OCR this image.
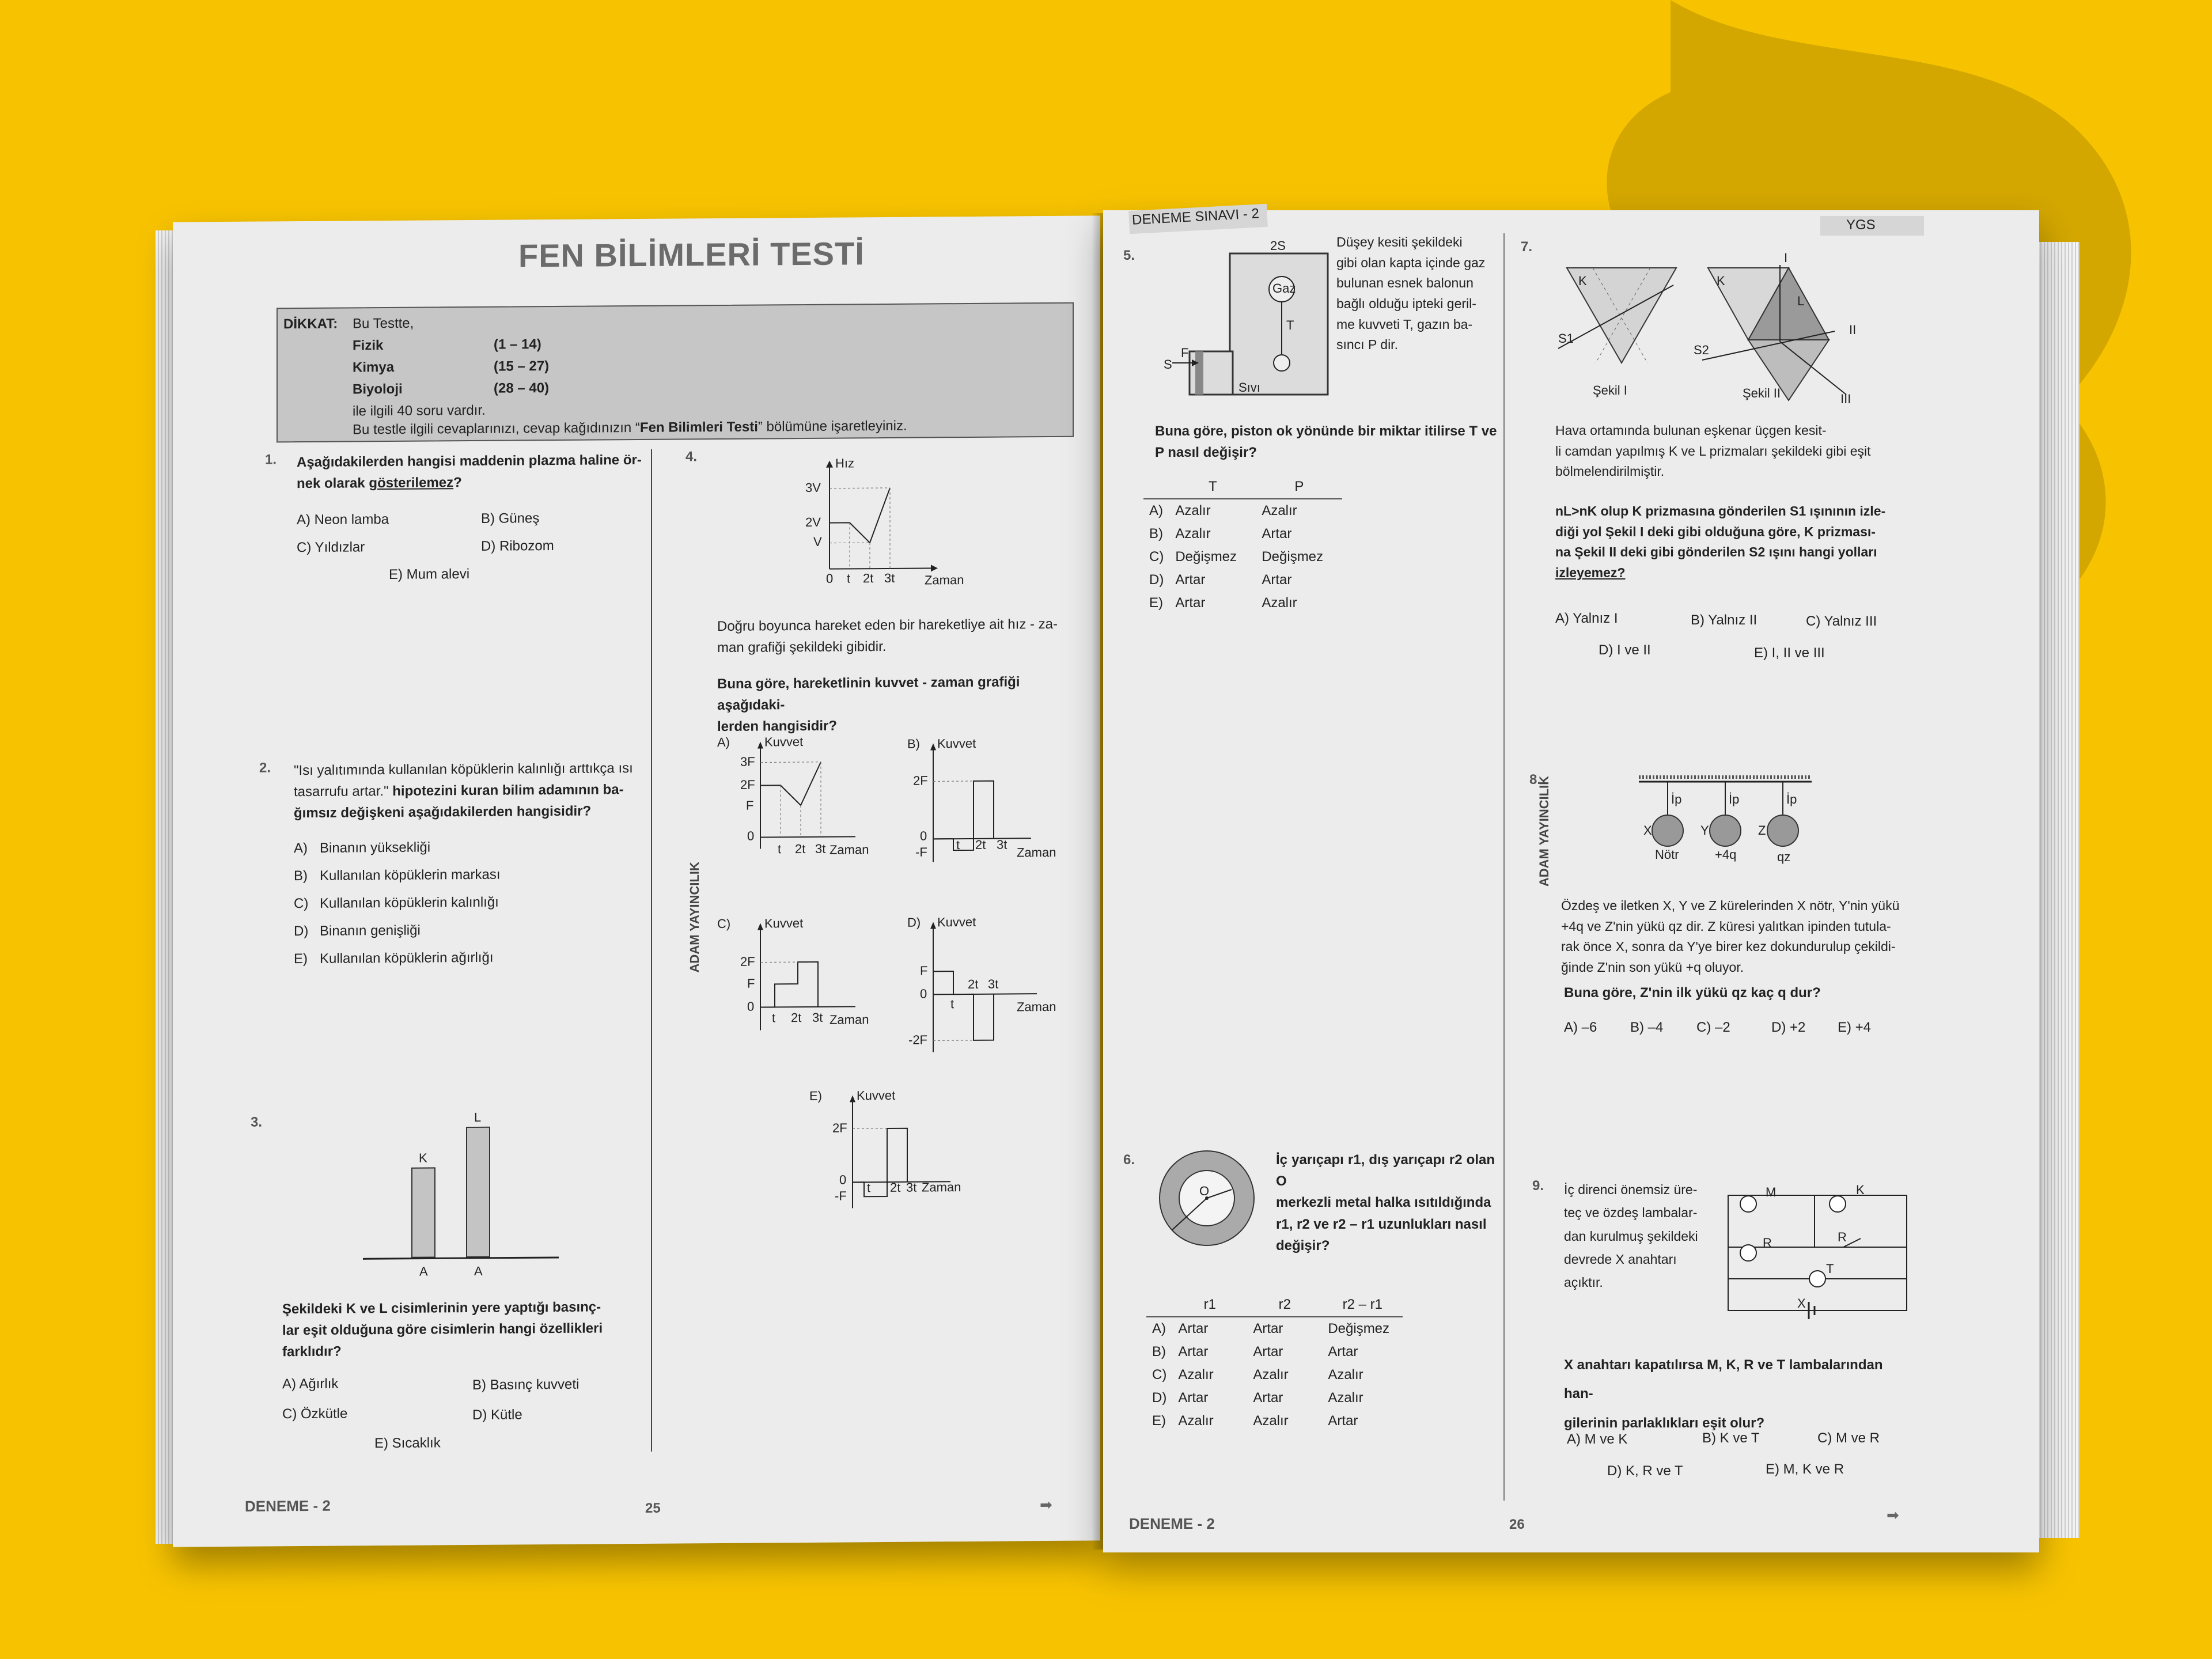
FEN BİLİMLERİ TESTİ
DİKKAT: Bu Testte,
Fizik	(1 – 14)
Kimya	(15 – 27)
Biyoloji	(28 – 40)
ile ilgili 40 soru vardır.
Bu testle ilgili cevaplarınızı, cevap kağıdınızın “Fen Bilimleri Testi” bölümüne işaretleyiniz.
1. Aşağıdakilerden hangisi maddenin plazma haline ör-
nek olarak gösterilemez?
A) Neon lamba	B) Güneş
C) Yıldızlar	D) Ribozom
E) Mum alevi
2. "Isı yalıtımında kullanılan köpüklerin kalınlığı arttıkça ısı
tasarrufu artar." hipotezini kuran bilim adamının ba-
ğımsız değişkeni aşağıdakilerden hangisidir?
A) Binanın yüksekliği
B) Kullanılan köpüklerin markası
C) Kullanılan köpüklerin kalınlığı
D) Binanın genişliği
E) Kullanılan köpüklerin ağırlığı
3.
K
L
A	A
Şekildeki K ve L cisimlerinin yere yaptığı basınç-
lar eşit olduğuna göre cisimlerin hangi özellikleri
farklıdır?
A) Ağırlık	B) Basınç kuvveti
C) Özkütle	D) Kütle
E) Sıcaklık
ADAM YAYINCILIK
4.	Hız
Zaman
3V
2V
V
0 t 2t 3t
Doğru boyunca hareket eden bir hareketliye ait hız - za-
man grafiği şekildeki gibidir.
Buna göre, hareketlinin kuvvet - zaman grafiği aşağıdaki-
lerden hangisidir?
A)	Kuvvet
Zaman
3F
2F
F
0
t 2t 3t
B) Kuvvet
Zaman
2F
0
-F t 2t 3t
C)	Kuvvet
Zaman
2F
F
0
t 2t 3t
D) Kuvvet
Zaman
F
0
-2F
t
2t 3t
E)	Kuvvet
Zaman
2F
0
-F
t 2t 3t
DENEME - 2	25	➡
DENEME SINAVI - 2	YGS
5.
2S
Gaz
T
F
S
Sıvı
Düşey kesiti şekildeki
gibi olan kapta içinde gaz
bulunan esnek balonun
bağlı olduğu ipteki geril-
me kuvveti T, gazın ba-
sıncı P dir.
Buna göre, piston ok yönünde bir miktar itilirse T ve
P nasıl değişir?
	T	P
A)	Azalır	Azalır
B)	Azalır	Artar
C)	Değişmez	Değişmez
D)	Artar	Artar
E)	Artar	Azalır
6.
O
İç yarıçapı r1, dış yarıçapı r2 olan O
merkezli metal halka ısıtıldığında
r1, r2 ve r2 – r1 uzunlukları nasıl
değişir?
	r1	r2	r2 – r1
A)	Artar	Artar	Değişmez
B)	Artar	Artar	Artar
C)	Azalır	Azalır	Azalır
D)	Artar	Artar	Azalır
E)	Azalır	Azalır	Artar
ADAM YAYINCILIK
7.
K	K
L
S1
S2
Şekil I	Şekil II
I
II
III
Hava ortamında bulunan eşkenar üçgen kesit-
li camdan yapılmış K ve L prizmaları şekildeki gibi eşit
bölmelendirilmiştir.
nL>nK olup K prizmasına gönderilen S1 ışınının izle-
diği yol Şekil I deki gibi olduğuna göre, K prizması-
na Şekil II deki gibi gönderilen S2 ışını hangi yolları
izleyemez?
A) Yalnız I	B) Yalnız II	C) Yalnız III
D) I ve II	E) I, II ve III
8.
X	Y	Z
İp	İp	İp
Nötr	+4q	qz
Özdeş ve iletken X, Y ve Z kürelerinden X nötr, Y'nin yükü
+4q ve Z'nin yükü qz dir. Z küresi yalıtkan ipinden tutula-
rak önce X, sonra da Y'ye birer kez dokundurulup çekildi-
ğinde Z'nin son yükü +q oluyor.
Buna göre, Z'nin ilk yükü qz kaç q dur?
A) –6 B) –4 C) –2	D) +2 E) +4
9. İç direnci önemsiz üre-
teç ve özdeş lambalar-
dan kurulmuş şekildeki
devrede X anahtarı
açıktır.
M	K
R	R
T
X
X anahtarı kapatılırsa M, K, R ve T lambalarından han-
gilerinin parlaklıkları eşit olur?
A) M ve K	B) K ve T	C) M ve R
D) K, R ve T	E) M, K ve R
DENEME - 2	26
➡
